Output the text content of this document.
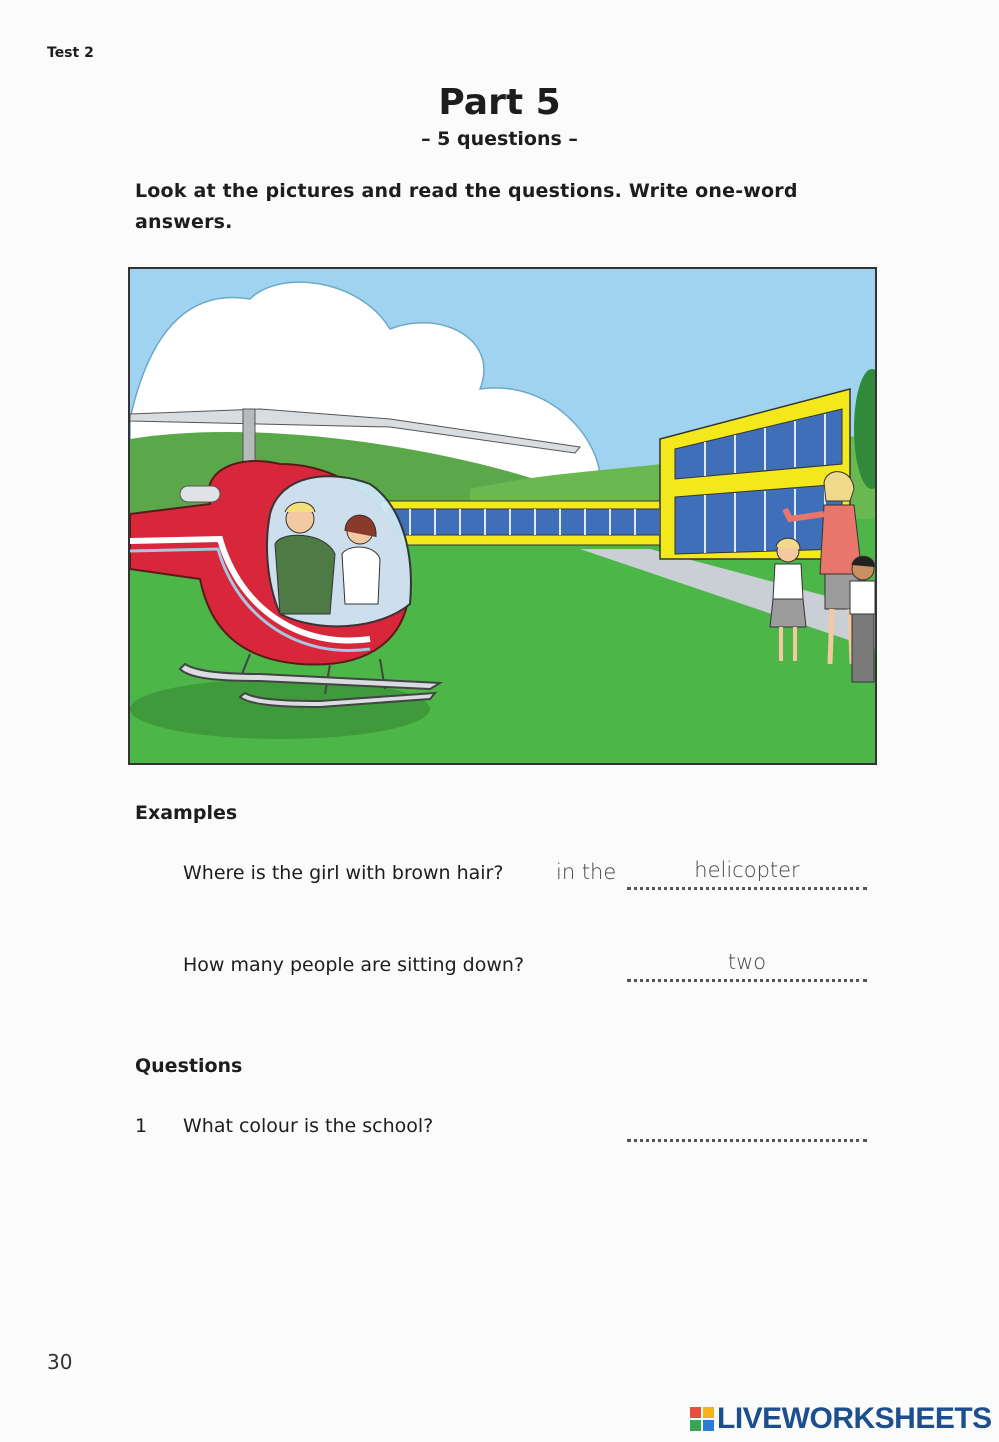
Test 2
Part 5
– 5 questions –
Look at the pictures and read the questions. Write one-word answers.
Examples
Where is the girl with brown hair?	in the	helicopter
How many people are sitting down?	two
Questions
1 What colour is the school?
30
LIVEWORKSHEETS
